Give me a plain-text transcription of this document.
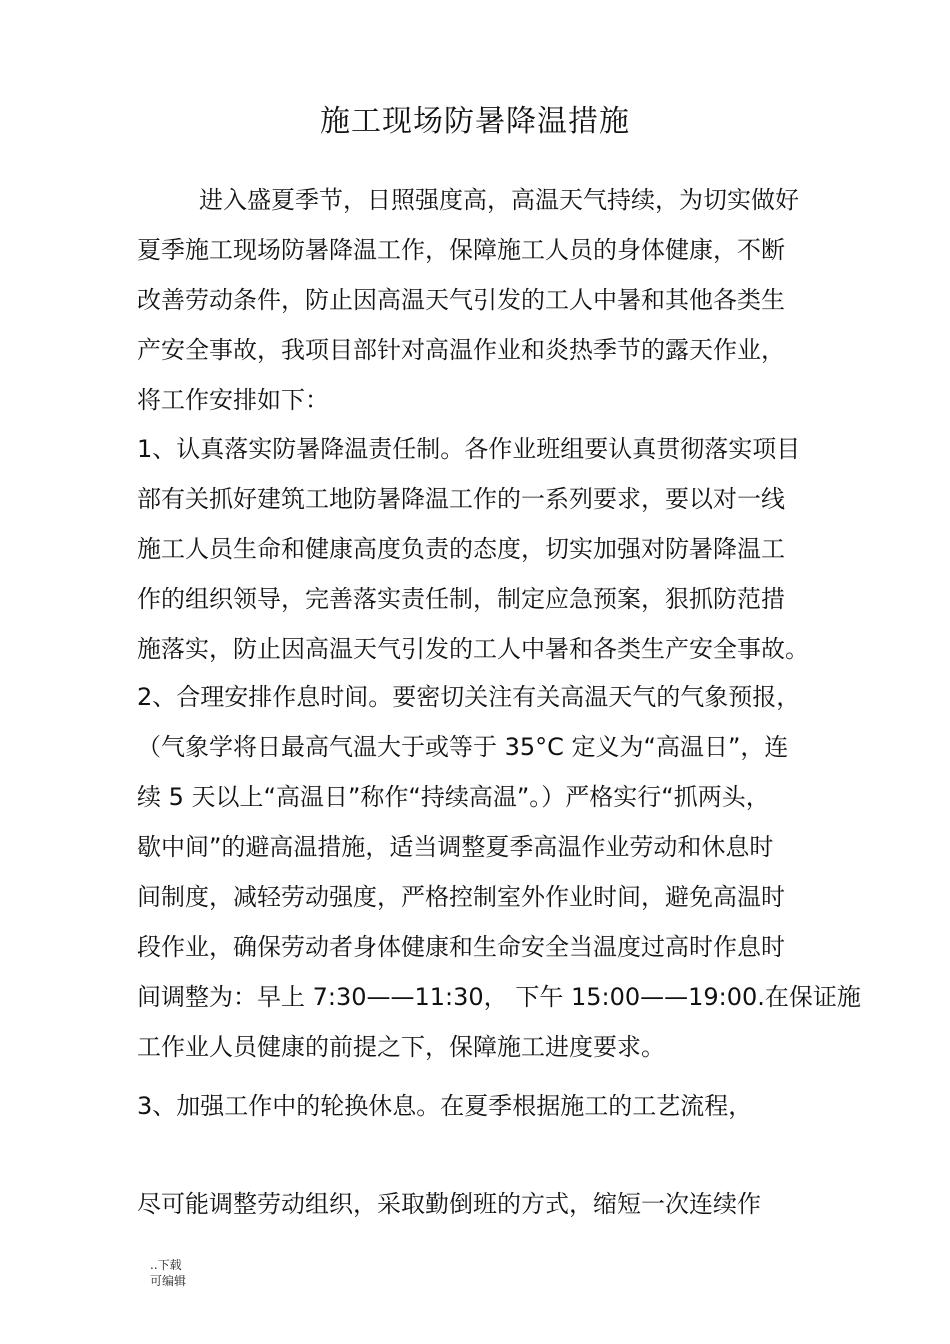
施工现场防暑降温措施
进入盛夏季节，日照强度高，高温天气持续，为切实做好
夏季施工现场防暑降温工作，保障施工人员的身体健康，不断
改善劳动条件，防止因高温天气引发的工人中暑和其他各类生
产安全事故，我项目部针对高温作业和炎热季节的露天作业，
将工作安排如下：
1、认真落实防暑降温责任制。各作业班组要认真贯彻落实项目
部有关抓好建筑工地防暑降温工作的一系列要求，要以对一线
施工人员生命和健康高度负责的态度，切实加强对防暑降温工
作的组织领导，完善落实责任制，制定应急预案，狠抓防范措
施落实，防止因高温天气引发的工人中暑和各类生产安全事故。
2、合理安排作息时间。要密切关注有关高温天气的气象预报，
（气象学将日最高气温大于或等于 35°C 定义为“高温日”，连
续 5 天以上“高温日”称作“持续高温”。）严格实行“抓两头，
歇中间”的避高温措施，适当调整夏季高温作业劳动和休息时
间制度，减轻劳动强度，严格控制室外作业时间，避免高温时
段作业，确保劳动者身体健康和生命安全当温度过高时作息时
间调整为：早上 7:30——11:30， 下午 15:00——19:00.在保证施
工作业人员健康的前提之下，保障施工进度要求。
3、加强工作中的轮换休息。在夏季根据施工的工艺流程，
尽可能调整劳动组织，采取勤倒班的方式，缩短一次连续作
..下载
可编辑
